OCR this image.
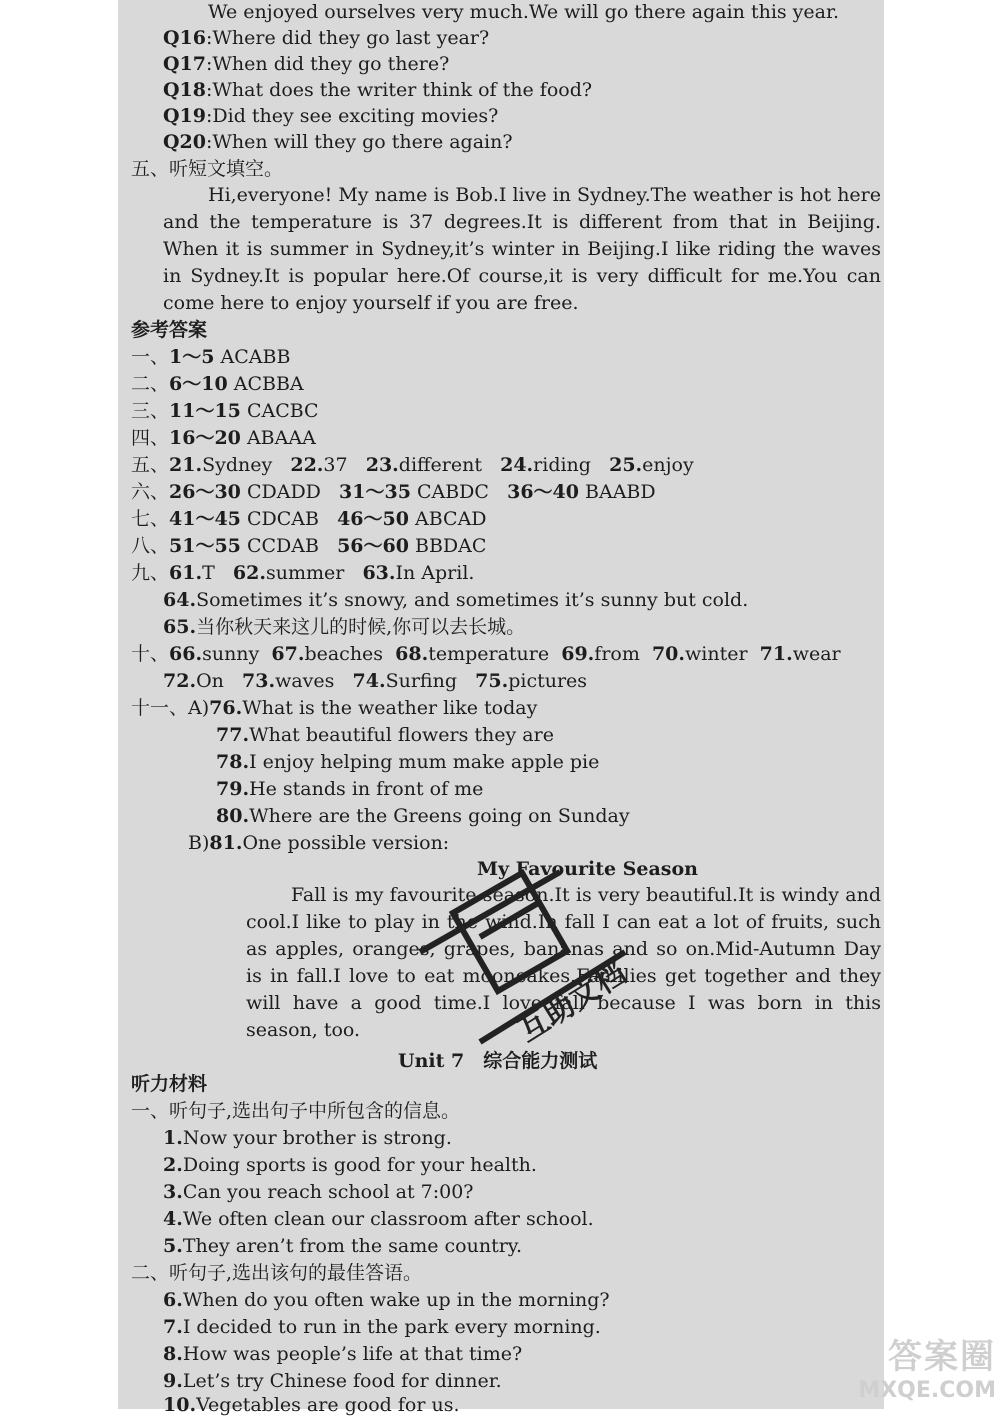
We enjoyed ourselves very much.We will go there again this year.
Q16:Where did they go last year?
Q17:When did they go there?
Q18:What does the writer think of the food?
Q19:Did they see exciting movies?
Q20:When will they go there again?
五、听短文填空。
Hi,everyone! My name is Bob.I live in Sydney.The weather is hot here and the temperature is 37 degrees.It is different from that in Beijing. When it is summer in Sydney,it’s winter in Beijing.I like riding the waves in Sydney.It is popular here.Of course,it is very difficult for me.You can come here to enjoy yourself if you are free.
参考答案
一、1～5 ACABB
二、6～10 ACBBA
三、11～15 CACBC
四、16～20 ABAAA
五、21.Sydney 22.37 23.different 24.riding 25.enjoy
六、26～30 CDADD 31～35 CABDC 36～40 BAABD
七、41～45 CDCAB 46～50 ABCAD
八、51～55 CCDAB 56～60 BBDAC
九、61.T 62.summer 63.In April.
64.Sometimes it’s snowy, and sometimes it’s sunny but cold.
65.当你秋天来这儿的时候,你可以去长城。
十、66.sunny 67.beaches 68.temperature 69.from 70.winter 71.wear
72.On 73.waves 74.Surfing 75.pictures
十一、A)76.What is the weather like today
77.What beautiful flowers they are
78.I enjoy helping mum make apple pie
79.He stands in front of me
80.Where are the Greens going on Sunday
B)81.One possible version:
My Favourite Season
Fall is my favourite season.It is very beautiful.It is windy and cool.I like to play in the wind.In fall I can eat a lot of fruits, such as apples, oranges, grapes, bananas and so on.Mid-Autumn Day is in fall.I love to eat mooncakes.Families get together and they will have a good time.I love fall because I was born in this season, too.	互助文档
Unit 7　综合能力测试
听力材料
一、听句子,选出句子中所包含的信息。
1.Now your brother is strong.
2.Doing sports is good for your health.
3.Can you reach school at 7:00?
4.We often clean our classroom after school.
5.They aren’t from the same country.
二、听句子,选出该句的最佳答语。
6.When do you often wake up in the morning?
7.I decided to run in the park every morning.
8.How was people’s life at that time?
9.Let’s try Chinese food for dinner.
10.Vegetables are good for us.
答案圈
MXQE.COM
